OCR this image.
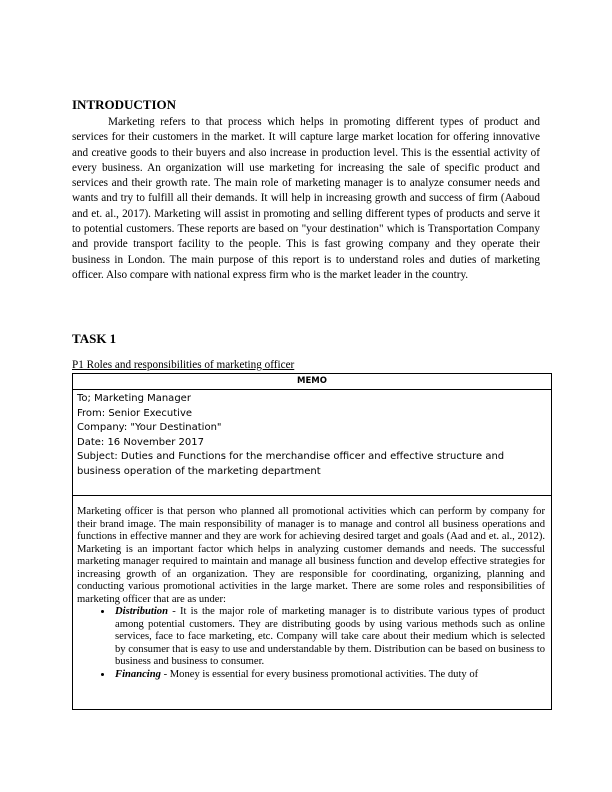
INTRODUCTION

Marketing refers to that process which helps in promoting different types of product and services for their customers in the market. It will capture large market location for offering innovative and creative goods to their buyers and also increase in production level. This is the essential activity of every business. An organization will use marketing for increasing the sale of specific product and services and their growth rate. The main role of marketing manager is to analyze consumer needs and wants and try to fulfill all their demands. It will help in increasing growth and success of firm (Aaboud and et. al., 2017). Marketing will assist in promoting and selling different types of products and serve it to potential customers. These reports are based on "your destination" which is Transportation Company and provide transport facility to the people. This is fast growing company and they operate their business in London. The main purpose of this report is to understand roles and duties of marketing officer. Also compare with national express firm who is the market leader in the country.

TASK 1
P1 Roles and responsibilities of marketing officer
MEMO
To; Marketing Manager
From: Senior Executive
Company: "Your Destination"
Date: 16 November 2017
Subject: Duties and Functions for the merchandise officer and effective structure and business operation of the marketing department

Marketing officer is that person who planned all promotional activities which can perform by company for their brand image. The main responsibility of manager is to manage and control all business operations and functions in effective manner and they are work for achieving desired target and goals (Aad and et. al., 2012). Marketing is an important factor which helps in analyzing customer demands and needs. The successful marketing manager required to maintain and manage all business function and develop effective strategies for increasing growth of an organization. They are responsible for coordinating, organizing, planning and conducting various promotional activities in the large market. There are some roles and responsibilities of marketing officer that are as under:

• Distribution - It is the major role of marketing manager is to distribute various types of product among potential customers. They are distributing goods by using various methods such as online services, face to face marketing, etc. Company will take care about their medium which is selected by consumer that is easy to use and understandable by them. Distribution can be based on business to business and business to consumer.
• Financing - Money is essential for every business promotional activities. The duty of
